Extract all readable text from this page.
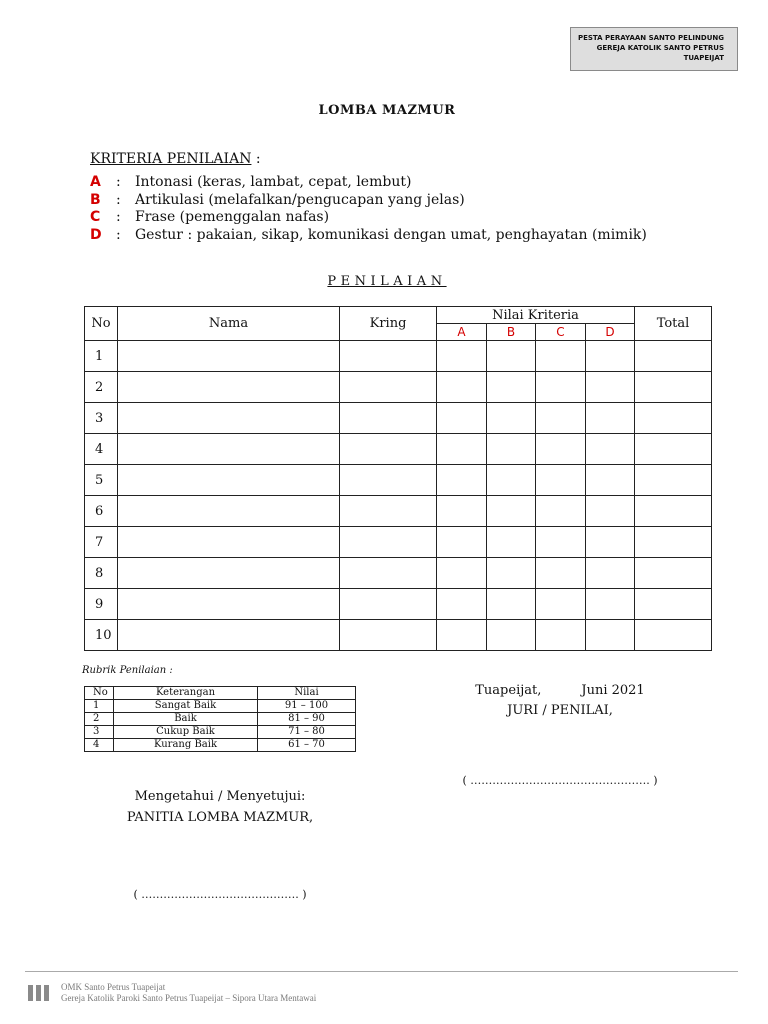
PESTA PERAYAAN SANTO PELINDUNG
GEREJA KATOLIK SANTO PETRUS
TUAPEIJAT
LOMBA MAZMUR
KRITERIA PENILAIAN :
A	:	Intonasi (keras, lambat, cepat, lembut)
B	:	Artikulasi (melafalkan/pengucapan yang jelas)
C	:	Frase (pemenggalan nafas)
D	:	Gestur : pakaian, sikap, komunikasi dengan umat, penghayatan (mimik)
PENILAIAN
No	Nama	Kring	Nilai Kriteria				Total
			A	B	C	D	
1							
2							
3							
4							
5							
6							
7							
8							
9							
10							
Rubrik Penilaian :
No	Keterangan	Nilai
1	Sangat Baik	91 – 100
2	Baik	81 – 90
3	Cukup Baik	71 – 80
4	Kurang Baik	61 – 70
Tuapeijat,	Juni 2021
JURI / PENILAI,
( …………………………………………. )
Mengetahui / Menyetujui:
PANITIA LOMBA MAZMUR,
( ……………………………………. )
OMK Santo Petrus Tuapeijat
Gereja Katolik Paroki Santo Petrus Tuapeijat – Sipora Utara Mentawai
